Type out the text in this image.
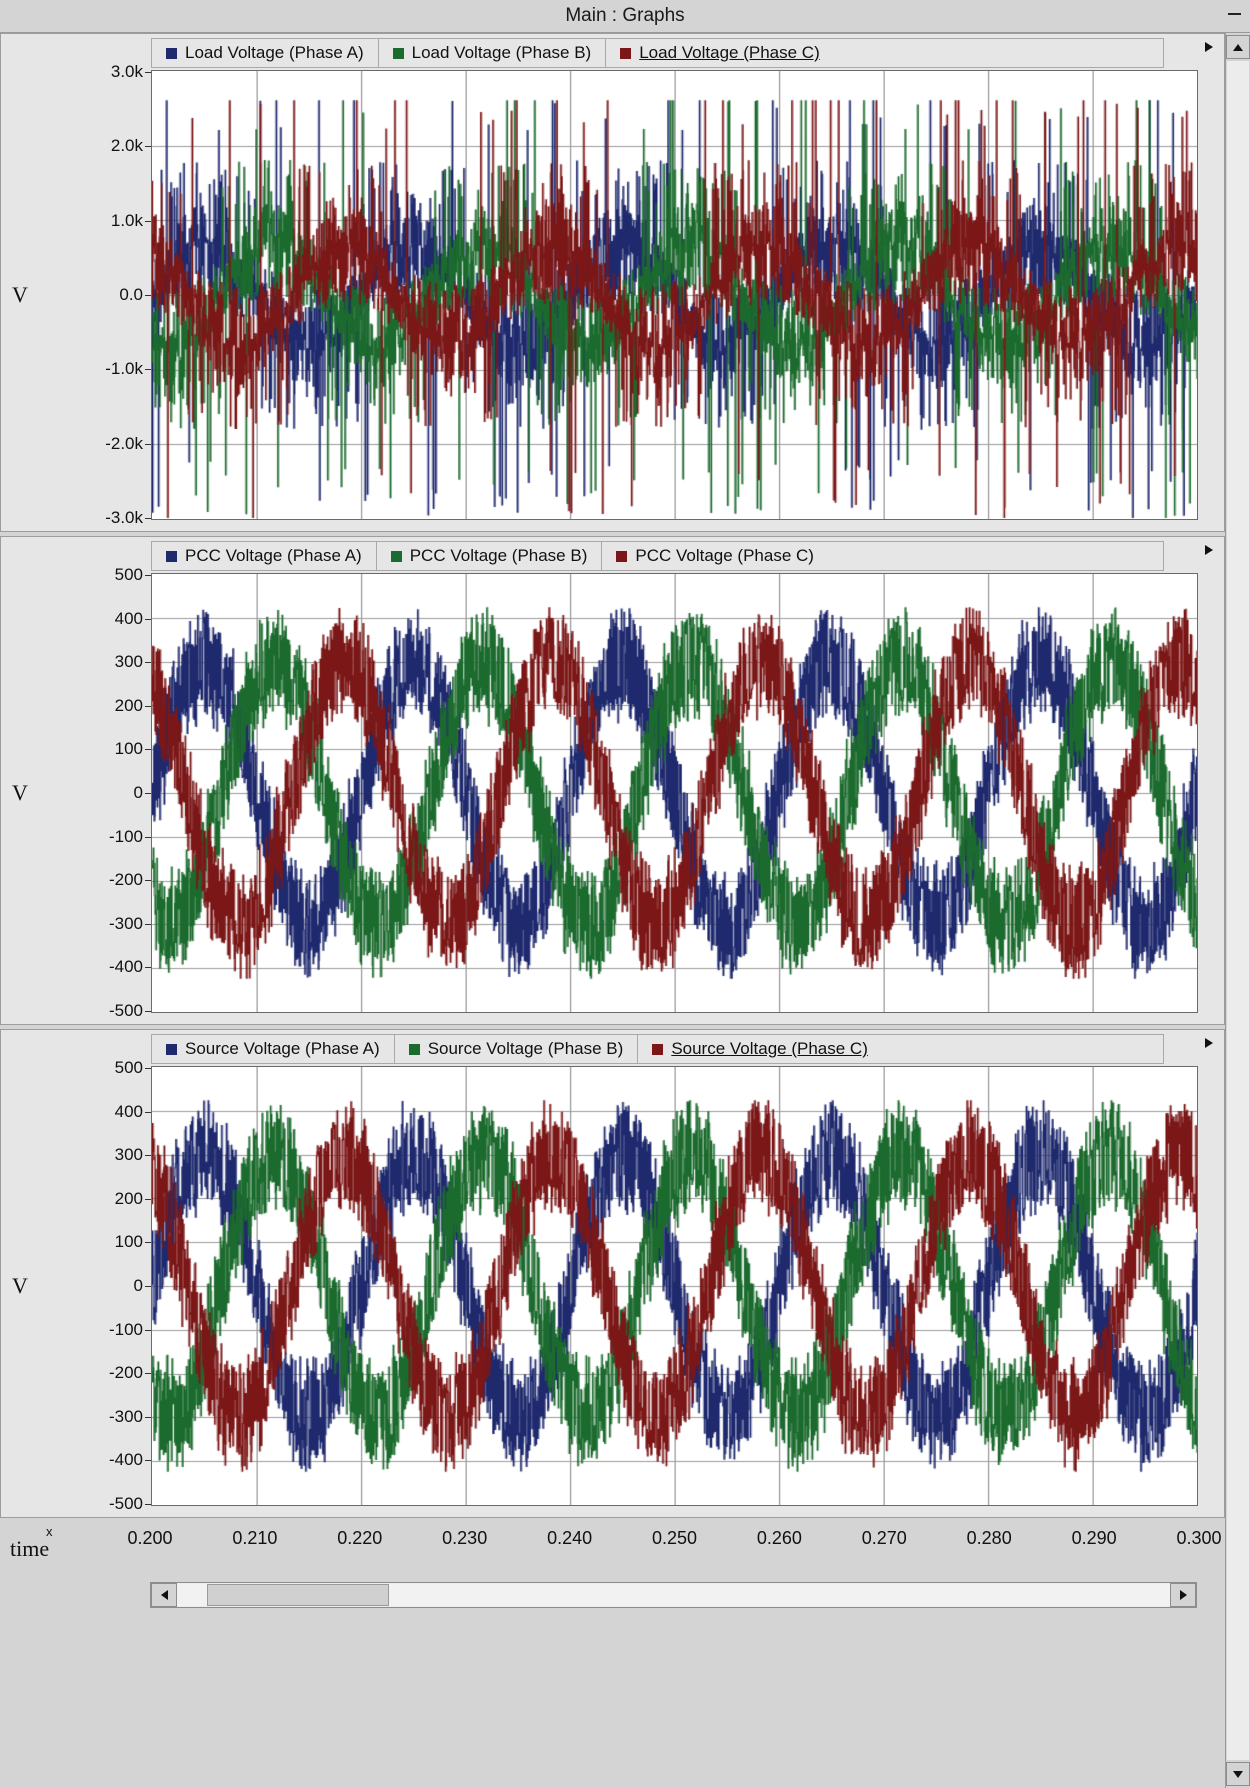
Main : Graphs
Load Voltage (Phase A)	Load Voltage (Phase B)	Load Voltage (Phase C)
V
3.0k
2.0k
1.0k
0.0
-1.0k
-2.0k
-3.0k
PCC Voltage (Phase A)	PCC Voltage (Phase B)	PCC Voltage (Phase C)
V
500
400
300
200
100
0
-100
-200
-300
-400
-500
Source Voltage (Phase A)	Source Voltage (Phase B)	Source Voltage (Phase C)
V
500
400
300
200
100
0
-100
-200
-300
-400
-500
x
time	0.200	0.210	0.220	0.230	0.240	0.250	0.260	0.270	0.280	0.290	0.300
